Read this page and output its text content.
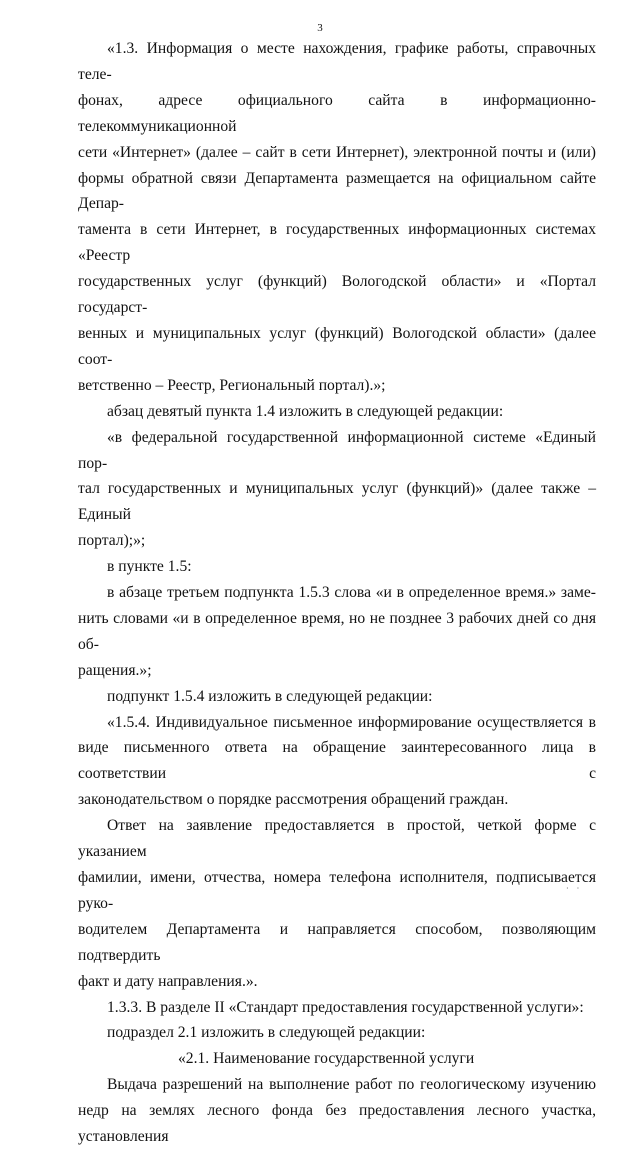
3

«1.3. Информация о месте нахождения, графике работы, справочных теле-

фонах, адресе официального сайта в информационно-телекоммуникационной

сети «Интернет» (далее – сайт в сети Интернет), электронной почты и (или)

формы обратной связи Департамента размещается на официальном сайте Депар-

тамента в сети Интернет, в государственных информационных системах «Реестр

государственных услуг (функций) Вологодской области» и «Портал государст-

венных и муниципальных услуг (функций) Вологодской области» (далее соот-

ветственно – Реестр, Региональный портал).»;

абзац девятый пункта 1.4 изложить в следующей редакции:

«в федеральной государственной информационной системе «Единый пор-

тал государственных и муниципальных услуг (функций)» (далее также – Единый

портал);»;

в пункте 1.5:

в абзаце третьем подпункта 1.5.3 слова «и в определенное время.» заме-

нить словами «и в определенное время, но не позднее 3 рабочих дней со дня об-

ращения.»;

подпункт 1.5.4 изложить в следующей редакции:

«1.5.4. Индивидуальное письменное информирование осуществляется в

виде письменного ответа на обращение заинтересованного лица в соответствии с

законодательством о порядке рассмотрения обращений граждан.

Ответ на заявление предоставляется в простой, четкой форме с указанием

фамилии, имени, отчества, номера телефона исполнителя, подписывается руко-

водителем Департамента и направляется способом, позволяющим подтвердить

факт и дату направления.».

1.3.3. В разделе II «Стандарт предоставления государственной услуги»:

подраздел 2.1 изложить в следующей редакции:

«2.1. Наименование государственной услуги

Выдача разрешений на выполнение работ по геологическому изучению

недр на землях лесного фонда без предоставления лесного участка, установления

· ·
